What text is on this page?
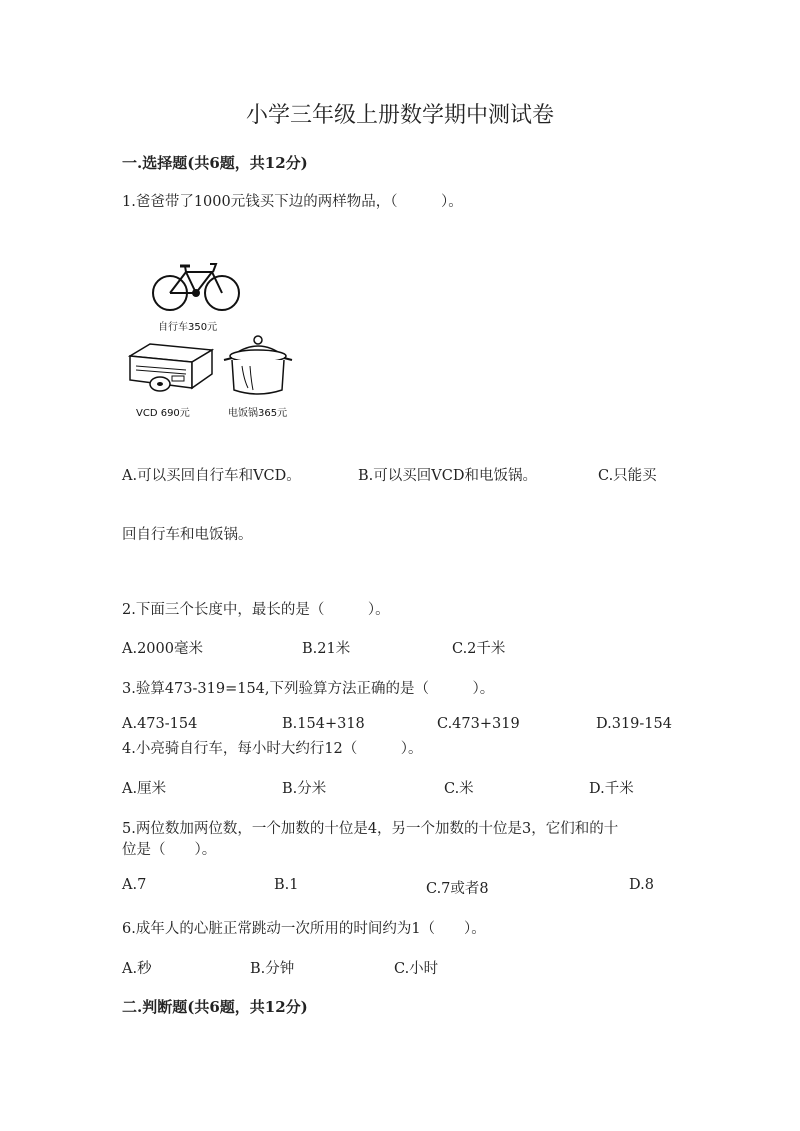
小学三年级上册数学期中测试卷
一.选择题(共6题，共12分)
1.爸爸带了1000元钱买下边的两样物品，（　　　）。
自行车350元
VCD 690元	电饭锅365元
A.可以买回自行车和VCD。	B.可以买回VCD和电饭锅。	C.只能买
回自行车和电饭锅。
2.下面三个长度中，最长的是（　　　）。
A.2000毫米	B.21米	C.2千米
3.验算473-319=154,下列验算方法正确的是（　　　）。
A.473-154	B.154+318	C.473+319	D.319-154
4.小亮骑自行车，每小时大约行12（　　　）。
A.厘米	B.分米	C.米	D.千米
5.两位数加两位数，一个加数的十位是4，另一个加数的十位是3，它们和的十
位是（　　）。
A.7	B.1	C.7或者8	D.8
6.成年人的心脏正常跳动一次所用的时间约为1（　　）。
A.秒	B.分钟	C.小时
二.判断题(共6题，共12分)
